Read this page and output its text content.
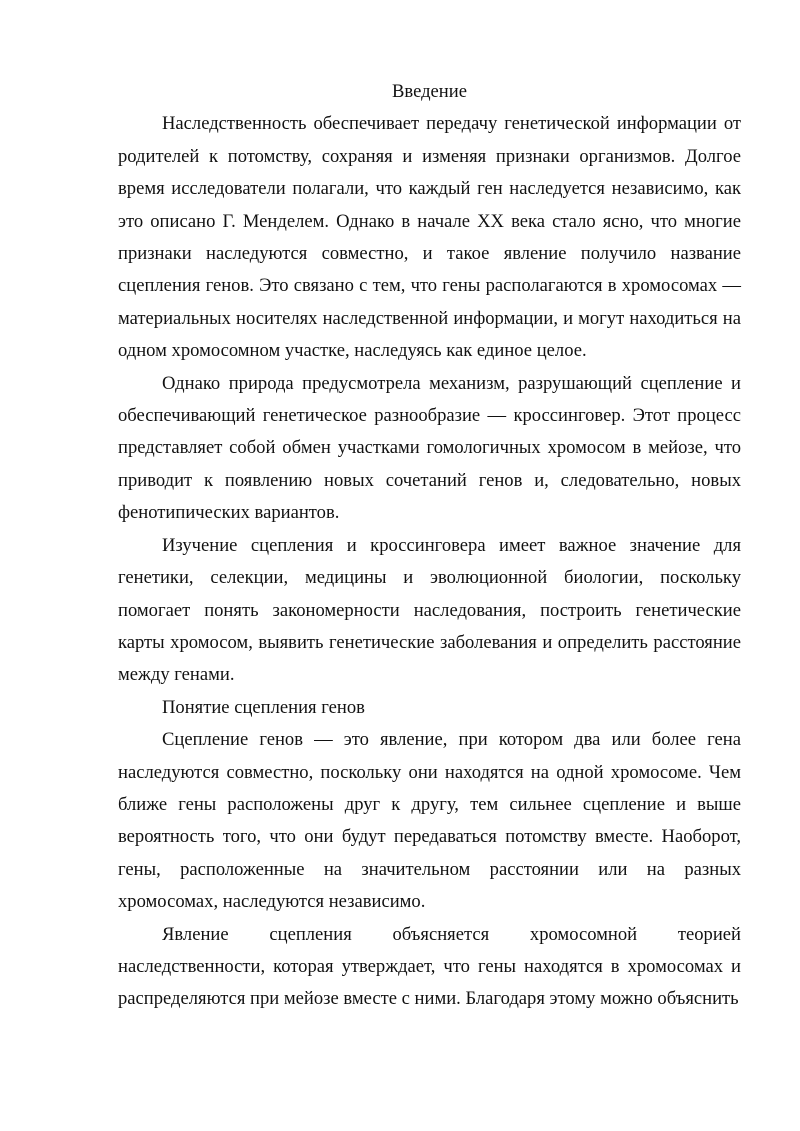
Введение

Наследственность обеспечивает передачу генетической информации от родителей к потомству, сохраняя и изменяя признаки организмов. Долгое время исследователи полагали, что каждый ген наследуется независимо, как это описано Г. Менделем. Однако в начале XX века стало ясно, что многие признаки наследуются совместно, и такое явление получило название сцепления генов. Это связано с тем, что гены располагаются в хромосомах — материальных носителях наследственной информации, и могут находиться на одном хромосомном участке, наследуясь как единое целое.

Однако природа предусмотрела механизм, разрушающий сцепление и обеспечивающий генетическое разнообразие — кроссинговер. Этот процесс представляет собой обмен участками гомологичных хромосом в мейозе, что приводит к появлению новых сочетаний генов и, следовательно, новых фенотипических вариантов.

Изучение сцепления и кроссинговера имеет важное значение для генетики, селекции, медицины и эволюционной биологии, поскольку помогает понять закономерности наследования, построить генетические карты хромосом, выявить генетические заболевания и определить расстояние между генами.

Понятие сцепления генов

Сцепление генов — это явление, при котором два или более гена наследуются совместно, поскольку они находятся на одной хромосоме. Чем ближе гены расположены друг к другу, тем сильнее сцепление и выше вероятность того, что они будут передаваться потомству вместе. Наоборот, гены, расположенные на значительном расстоянии или на разных хромосомах, наследуются независимо.

Явление сцепления объясняется хромосомной теорией наследственности, которая утверждает, что гены находятся в хромосомах и распределяются при мейозе вместе с ними. Благодаря этому можно объяснить
